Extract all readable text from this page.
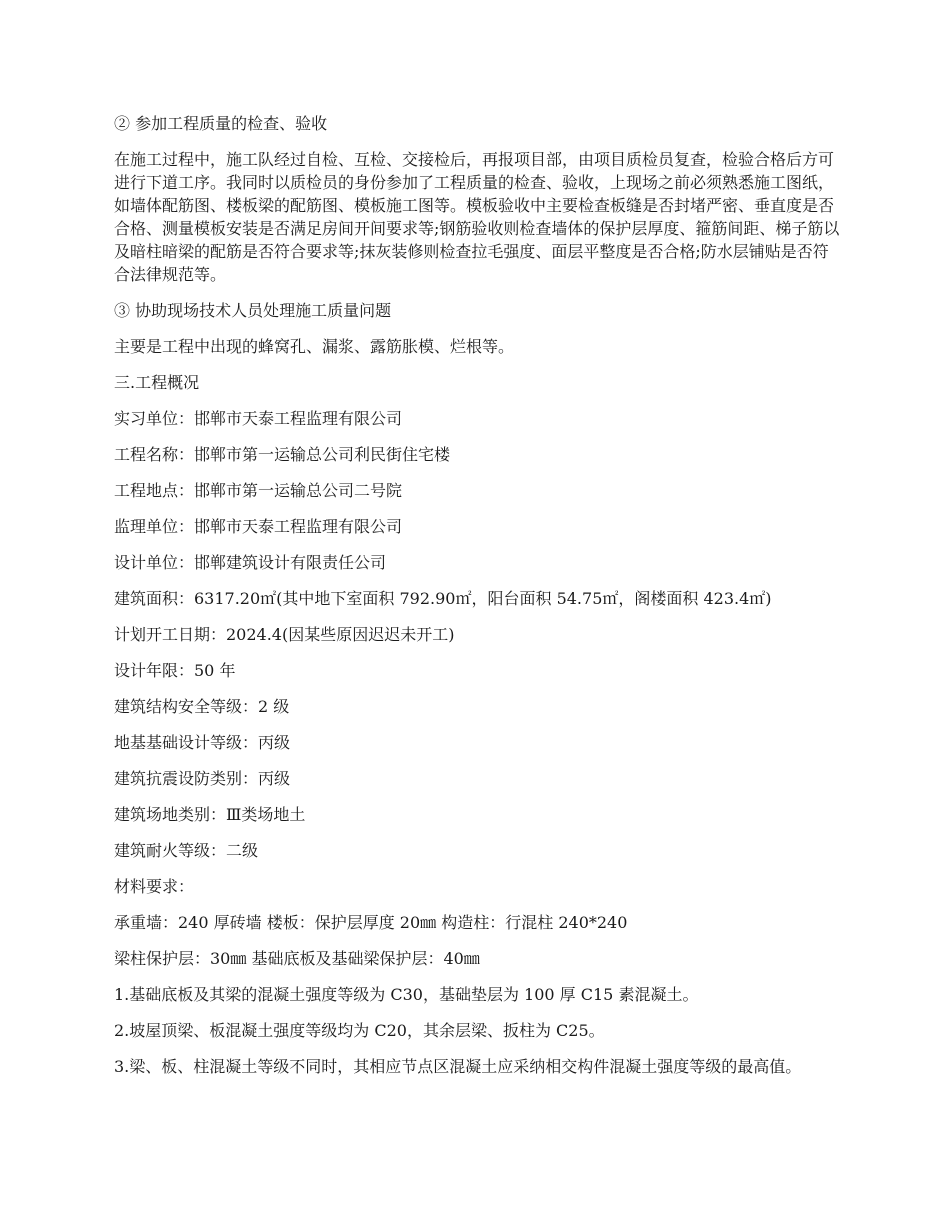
② 参加工程质量的检查、验收

在施工过程中，施工队经过自检、互检、交接检后，再报项目部，由项目质检员复查，检验合格后方可进行下道工序。我同时以质检员的身份参加了工程质量的检查、验收，上现场之前必须熟悉施工图纸，如墙体配筋图、楼板梁的配筋图、模板施工图等。模板验收中主要检查板缝是否封堵严密、垂直度是否合格、测量模板安装是否满足房间开间要求等;钢筋验收则检查墙体的保护层厚度、箍筋间距、梯子筋以及暗柱暗梁的配筋是否符合要求等;抹灰装修则检查拉毛强度、面层平整度是否合格;防水层铺贴是否符合法律规范等。

③ 协助现场技术人员处理施工质量问题

主要是工程中出现的蜂窝孔、漏浆、露筋胀模、烂根等。

三.工程概况

实习单位：邯郸市天泰工程监理有限公司

工程名称：邯郸市第一运输总公司利民街住宅楼

工程地点：邯郸市第一运输总公司二号院

监理单位：邯郸市天泰工程监理有限公司

设计单位：邯郸建筑设计有限责任公司

建筑面积：6317.20㎡(其中地下室面积 792.90㎡，阳台面积 54.75㎡，阁楼面积 423.4㎡)

计划开工日期：2024.4(因某些原因迟迟未开工)

设计年限：50 年

建筑结构安全等级：2 级

地基基础设计等级：丙级

建筑抗震设防类别：丙级

建筑场地类别：Ⅲ类场地土

建筑耐火等级：二级

材料要求：

承重墙：240 厚砖墙 楼板：保护层厚度 20㎜ 构造柱：行混柱 240*240

梁柱保护层：30㎜ 基础底板及基础梁保护层：40㎜

1.基础底板及其梁的混凝土强度等级为 C30，基础垫层为 100 厚 C15 素混凝土。

2.坡屋顶梁、板混凝土强度等级均为 C20，其余层梁、扳柱为 C25。

3.梁、板、柱混凝土等级不同时，其相应节点区混凝土应采纳相交构件混凝土强度等级的最高值。
